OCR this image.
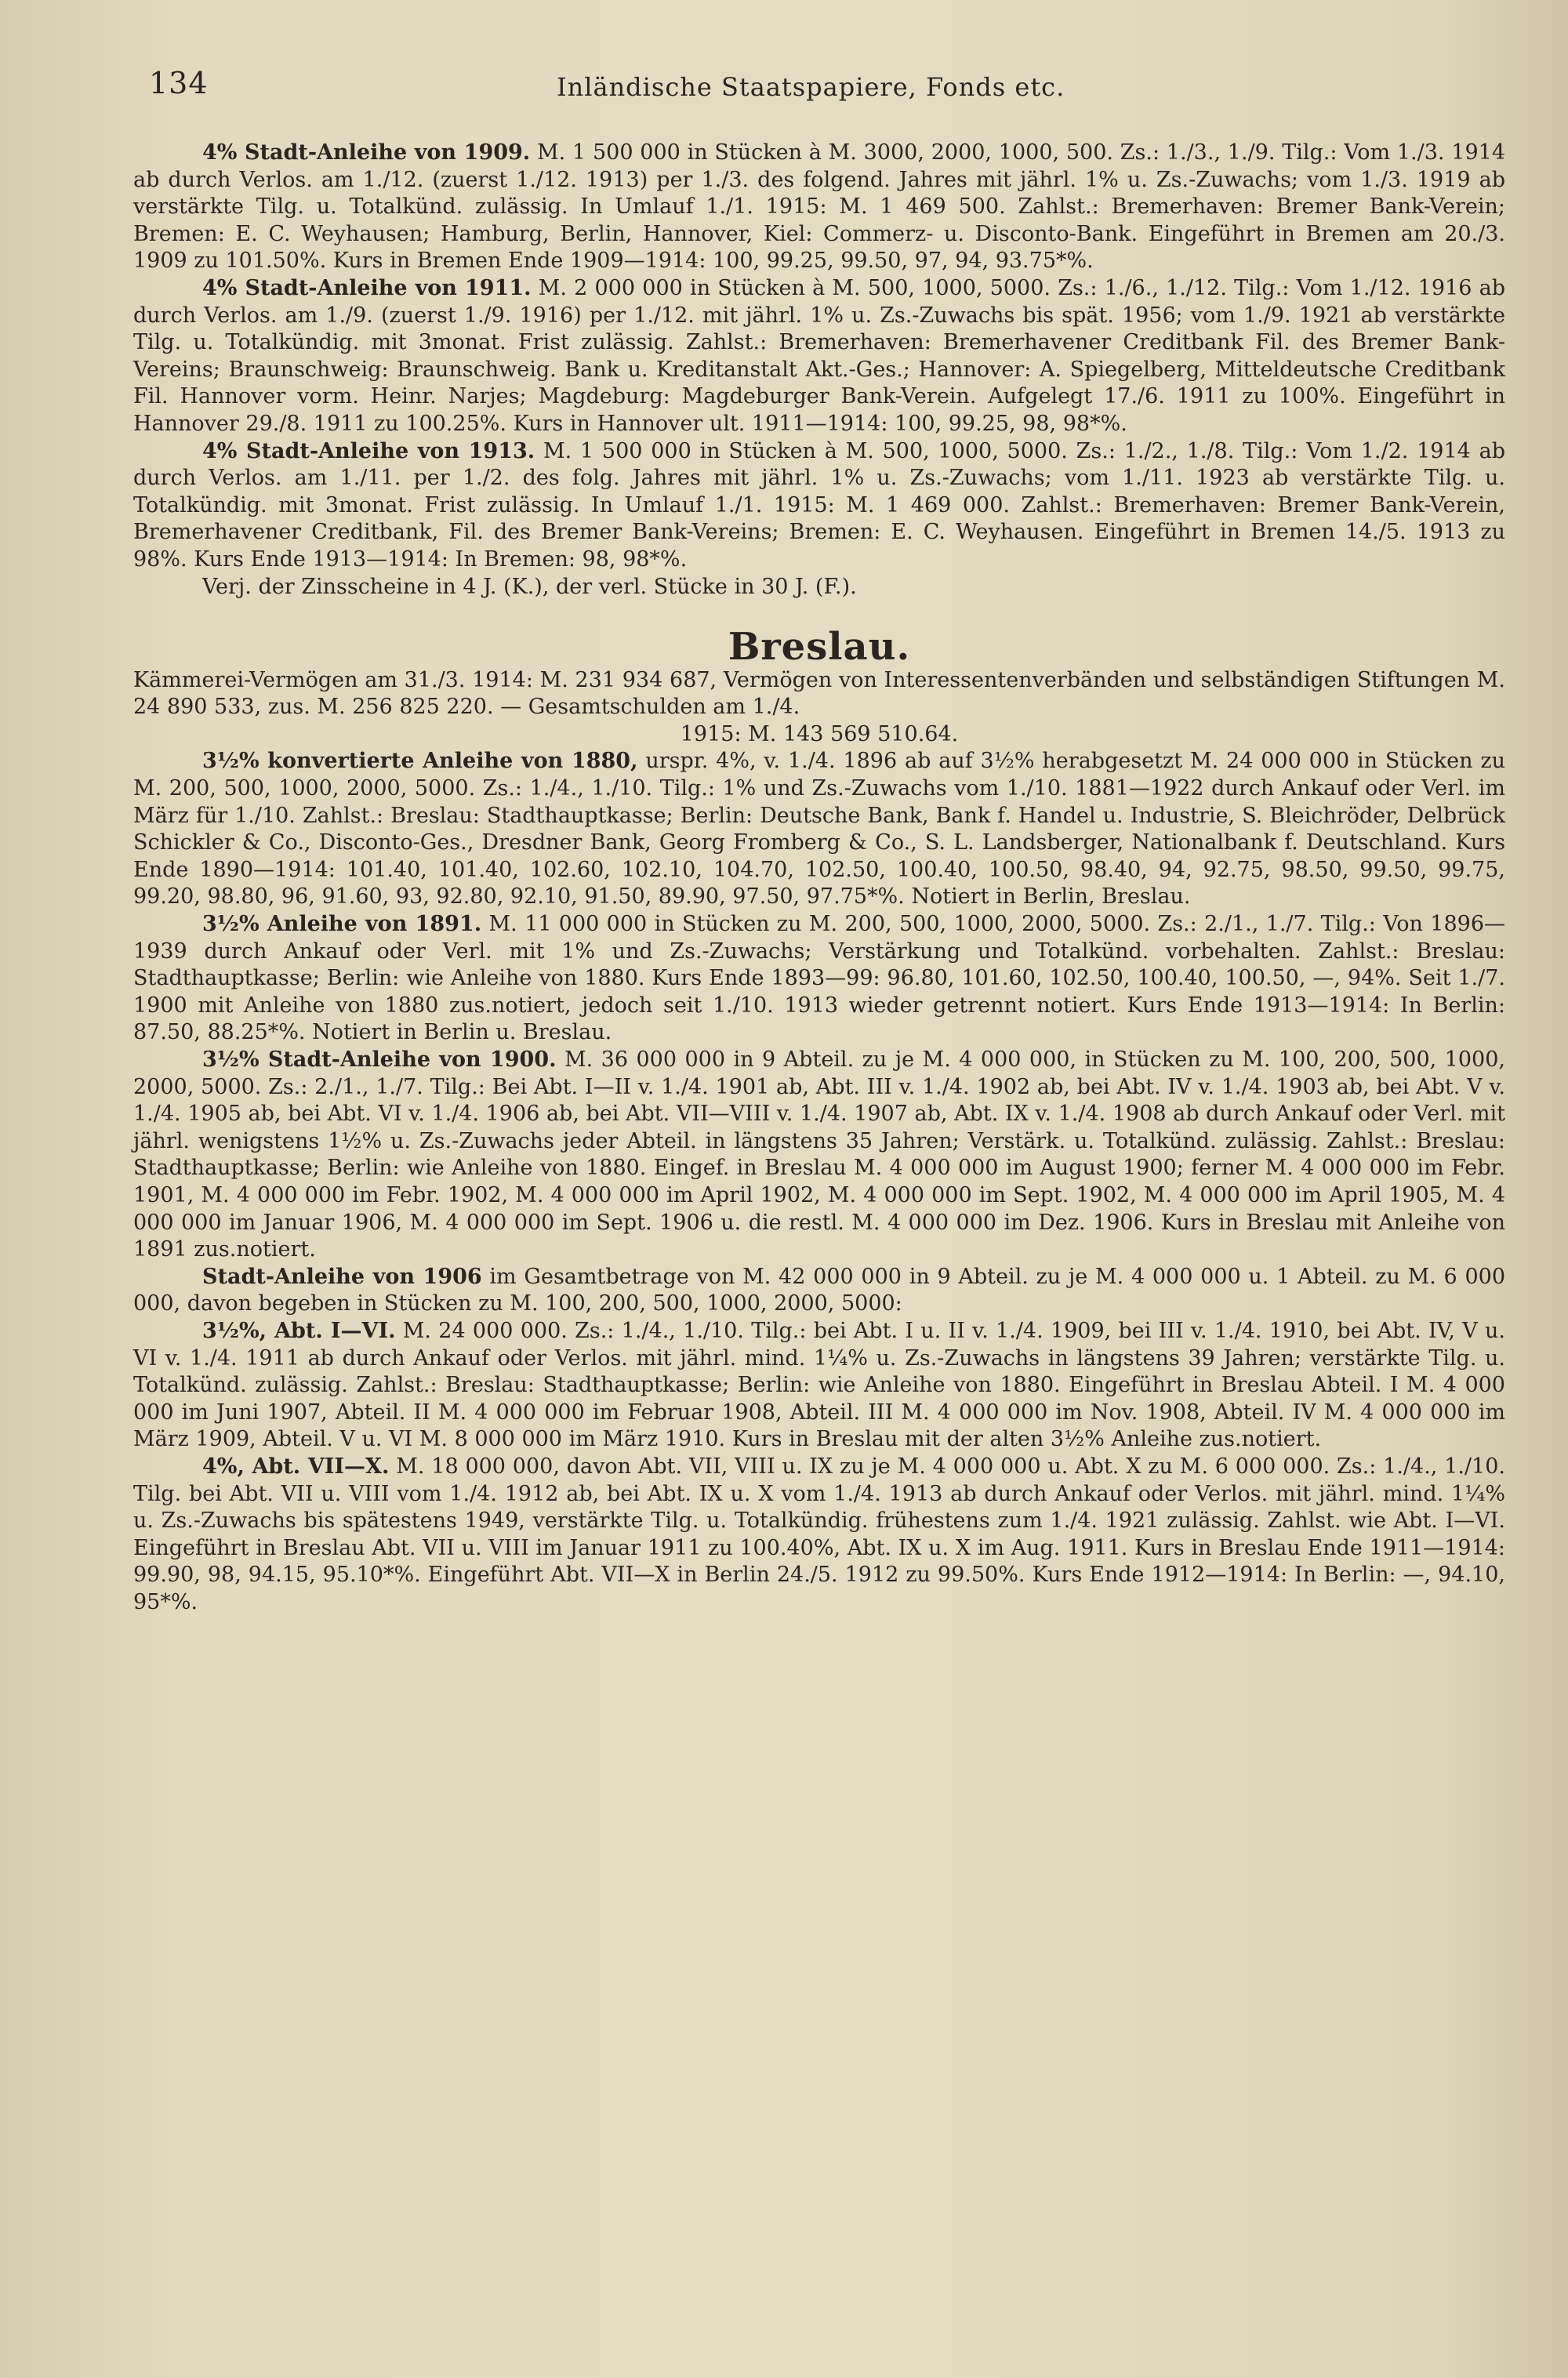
134	Inländische Staatspapiere, Fonds etc.

4% Stadt-Anleihe von 1909. M. 1 500 000 in Stücken à M. 3000, 2000, 1000, 500. Zs.: 1./3., 1./9. Tilg.: Vom 1./3. 1914 ab durch Verlos. am 1./12. (zuerst 1./12. 1913) per 1./3. des folgend. Jahres mit jährl. 1% u. Zs.-Zuwachs; vom 1./3. 1919 ab verstärkte Tilg. u. Totalkünd. zulässig. In Umlauf 1./1. 1915: M. 1 469 500. Zahlst.: Bremerhaven: Bremer Bank-Verein; Bremen: E. C. Weyhausen; Hamburg, Berlin, Hannover, Kiel: Commerz- u. Disconto-Bank. Eingeführt in Bremen am 20./3. 1909 zu 101.50%. Kurs in Bremen Ende 1909—1914: 100, 99.25, 99.50, 97, 94, 93.75*%.

4% Stadt-Anleihe von 1911. M. 2 000 000 in Stücken à M. 500, 1000, 5000. Zs.: 1./6., 1./12. Tilg.: Vom 1./12. 1916 ab durch Verlos. am 1./9. (zuerst 1./9. 1916) per 1./12. mit jährl. 1% u. Zs.-Zuwachs bis spät. 1956; vom 1./9. 1921 ab verstärkte Tilg. u. Totalkündig. mit 3monat. Frist zulässig. Zahlst.: Bremerhaven: Bremerhavener Creditbank Fil. des Bremer Bank-Vereins; Braunschweig: Braunschweig. Bank u. Kreditanstalt Akt.-Ges.; Hannover: A. Spiegelberg, Mitteldeutsche Creditbank Fil. Hannover vorm. Heinr. Narjes; Magdeburg: Magdeburger Bank-Verein. Aufgelegt 17./6. 1911 zu 100%. Eingeführt in Hannover 29./8. 1911 zu 100.25%. Kurs in Hannover ult. 1911—1914: 100, 99.25, 98, 98*%.

4% Stadt-Anleihe von 1913. M. 1 500 000 in Stücken à M. 500, 1000, 5000. Zs.: 1./2., 1./8. Tilg.: Vom 1./2. 1914 ab durch Verlos. am 1./11. per 1./2. des folg. Jahres mit jährl. 1% u. Zs.-Zuwachs; vom 1./11. 1923 ab verstärkte Tilg. u. Totalkündig. mit 3monat. Frist zulässig. In Umlauf 1./1. 1915: M. 1 469 000. Zahlst.: Bremerhaven: Bremer Bank-Verein, Bremerhavener Creditbank, Fil. des Bremer Bank-Vereins; Bremen: E. C. Weyhausen. Eingeführt in Bremen 14./5. 1913 zu 98%. Kurs Ende 1913—1914: In Bremen: 98, 98*%.

Verj. der Zinsscheine in 4 J. (K.), der verl. Stücke in 30 J. (F.).

Breslau.

Kämmerei-Vermögen am 31./3. 1914: M. 231 934 687, Vermögen von Interessentenverbänden und selbständigen Stiftungen M. 24 890 533, zus. M. 256 825 220. — Gesamtschulden am 1./4.

1915: M. 143 569 510.64.

3½% konvertierte Anleihe von 1880, urspr. 4%, v. 1./4. 1896 ab auf 3½% herabgesetzt M. 24 000 000 in Stücken zu M. 200, 500, 1000, 2000, 5000. Zs.: 1./4., 1./10. Tilg.: 1% und Zs.-Zuwachs vom 1./10. 1881—1922 durch Ankauf oder Verl. im März für 1./10. Zahlst.: Breslau: Stadthauptkasse; Berlin: Deutsche Bank, Bank f. Handel u. Industrie, S. Bleichröder, Delbrück Schickler & Co., Disconto-Ges., Dresdner Bank, Georg Fromberg & Co., S. L. Landsberger, Nationalbank f. Deutschland. Kurs Ende 1890—1914: 101.40, 101.40, 102.60, 102.10, 104.70, 102.50, 100.40, 100.50, 98.40, 94, 92.75, 98.50, 99.50, 99.75, 99.20, 98.80, 96, 91.60, 93, 92.80, 92.10, 91.50, 89.90, 97.50, 97.75*%. Notiert in Berlin, Breslau.

3½% Anleihe von 1891. M. 11 000 000 in Stücken zu M. 200, 500, 1000, 2000, 5000. Zs.: 2./1., 1./7. Tilg.: Von 1896—1939 durch Ankauf oder Verl. mit 1% und Zs.-Zuwachs; Verstärkung und Totalkünd. vorbehalten. Zahlst.: Breslau: Stadthauptkasse; Berlin: wie Anleihe von 1880. Kurs Ende 1893—99: 96.80, 101.60, 102.50, 100.40, 100.50, —, 94%. Seit 1./7. 1900 mit Anleihe von 1880 zus.notiert, jedoch seit 1./10. 1913 wieder getrennt notiert. Kurs Ende 1913—1914: In Berlin: 87.50, 88.25*%. Notiert in Berlin u. Breslau.

3½% Stadt-Anleihe von 1900. M. 36 000 000 in 9 Abteil. zu je M. 4 000 000, in Stücken zu M. 100, 200, 500, 1000, 2000, 5000. Zs.: 2./1., 1./7. Tilg.: Bei Abt. I—II v. 1./4. 1901 ab, Abt. III v. 1./4. 1902 ab, bei Abt. IV v. 1./4. 1903 ab, bei Abt. V v. 1./4. 1905 ab, bei Abt. VI v. 1./4. 1906 ab, bei Abt. VII—VIII v. 1./4. 1907 ab, Abt. IX v. 1./4. 1908 ab durch Ankauf oder Verl. mit jährl. wenigstens 1½% u. Zs.-Zuwachs jeder Abteil. in längstens 35 Jahren; Verstärk. u. Totalkünd. zulässig. Zahlst.: Breslau: Stadthauptkasse; Berlin: wie Anleihe von 1880. Eingef. in Breslau M. 4 000 000 im August 1900; ferner M. 4 000 000 im Febr. 1901, M. 4 000 000 im Febr. 1902, M. 4 000 000 im April 1902, M. 4 000 000 im Sept. 1902, M. 4 000 000 im April 1905, M. 4 000 000 im Januar 1906, M. 4 000 000 im Sept. 1906 u. die restl. M. 4 000 000 im Dez. 1906. Kurs in Breslau mit Anleihe von 1891 zus.notiert.

Stadt-Anleihe von 1906 im Gesamtbetrage von M. 42 000 000 in 9 Abteil. zu je M. 4 000 000 u. 1 Abteil. zu M. 6 000 000, davon begeben in Stücken zu M. 100, 200, 500, 1000, 2000, 5000:

3½%, Abt. I—VI. M. 24 000 000. Zs.: 1./4., 1./10. Tilg.: bei Abt. I u. II v. 1./4. 1909, bei III v. 1./4. 1910, bei Abt. IV, V u. VI v. 1./4. 1911 ab durch Ankauf oder Verlos. mit jährl. mind. 1¼% u. Zs.-Zuwachs in längstens 39 Jahren; verstärkte Tilg. u. Totalkünd. zulässig. Zahlst.: Breslau: Stadthauptkasse; Berlin: wie Anleihe von 1880. Eingeführt in Breslau Abteil. I M. 4 000 000 im Juni 1907, Abteil. II M. 4 000 000 im Februar 1908, Abteil. III M. 4 000 000 im Nov. 1908, Abteil. IV M. 4 000 000 im März 1909, Abteil. V u. VI M. 8 000 000 im März 1910. Kurs in Breslau mit der alten 3½% Anleihe zus.notiert.

4%, Abt. VII—X. M. 18 000 000, davon Abt. VII, VIII u. IX zu je M. 4 000 000 u. Abt. X zu M. 6 000 000. Zs.: 1./4., 1./10. Tilg. bei Abt. VII u. VIII vom 1./4. 1912 ab, bei Abt. IX u. X vom 1./4. 1913 ab durch Ankauf oder Verlos. mit jährl. mind. 1¼% u. Zs.-Zuwachs bis spätestens 1949, verstärkte Tilg. u. Totalkündig. frühestens zum 1./4. 1921 zulässig. Zahlst. wie Abt. I—VI. Eingeführt in Breslau Abt. VII u. VIII im Januar 1911 zu 100.40%, Abt. IX u. X im Aug. 1911. Kurs in Breslau Ende 1911—1914: 99.90, 98, 94.15, 95.10*%. Eingeführt Abt. VII—X in Berlin 24./5. 1912 zu 99.50%. Kurs Ende 1912—1914: In Berlin: —, 94.10, 95*%.
